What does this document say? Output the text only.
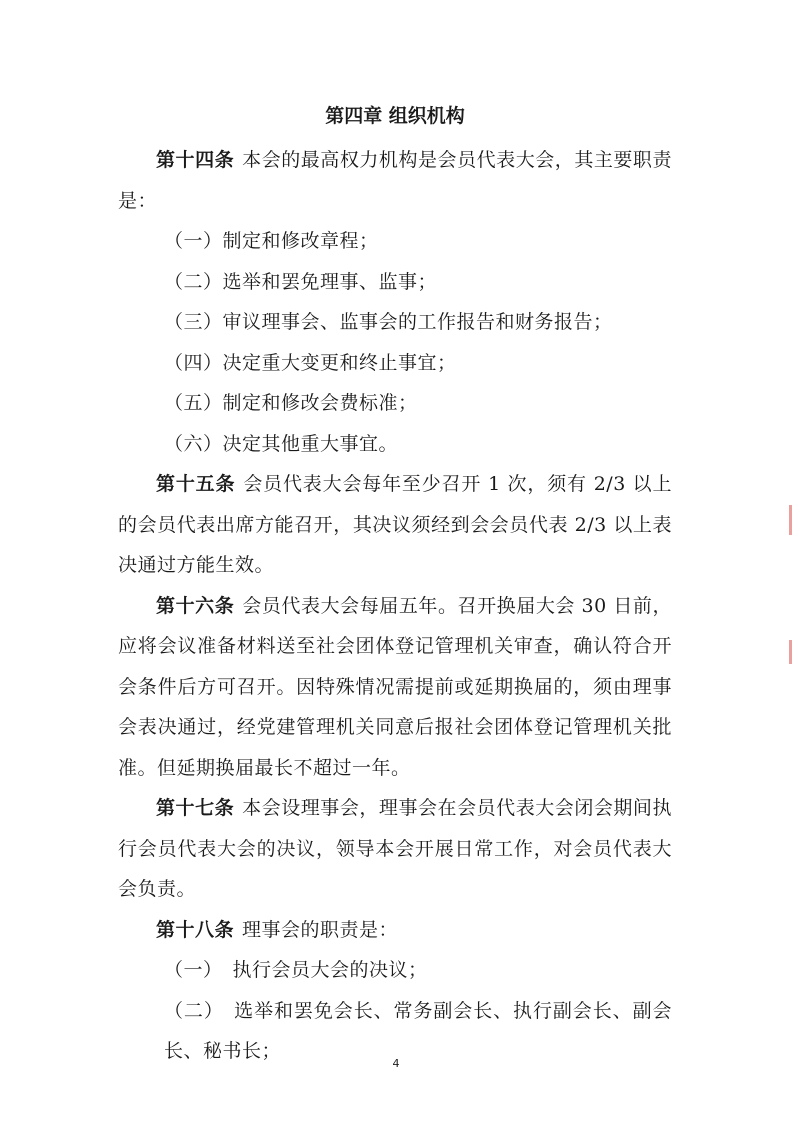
第四章 组织机构

第十四条 本会的最高权力机构是会员代表大会，其主要职责是：

（一）制定和修改章程；

（二）选举和罢免理事、监事；

（三）审议理事会、监事会的工作报告和财务报告；

（四）决定重大变更和终止事宜；

（五）制定和修改会费标准；

（六）决定其他重大事宜。

第十五条 会员代表大会每年至少召开 1 次，须有 2/3 以上的会员代表出席方能召开，其决议须经到会会员代表 2/3 以上表决通过方能生效。

第十六条 会员代表大会每届五年。召开换届大会 30 日前，应将会议准备材料送至社会团体登记管理机关审查，确认符合开会条件后方可召开。因特殊情况需提前或延期换届的，须由理事会表决通过，经党建管理机关同意后报社会团体登记管理机关批准。但延期换届最长不超过一年。

第十七条 本会设理事会，理事会在会员代表大会闭会期间执行会员代表大会的决议，领导本会开展日常工作，对会员代表大会负责。

第十八条 理事会的职责是：

（一）　执行会员大会的决议；

（二）　选举和罢免会长、常务副会长、执行副会长、副会长、秘书长；

4
